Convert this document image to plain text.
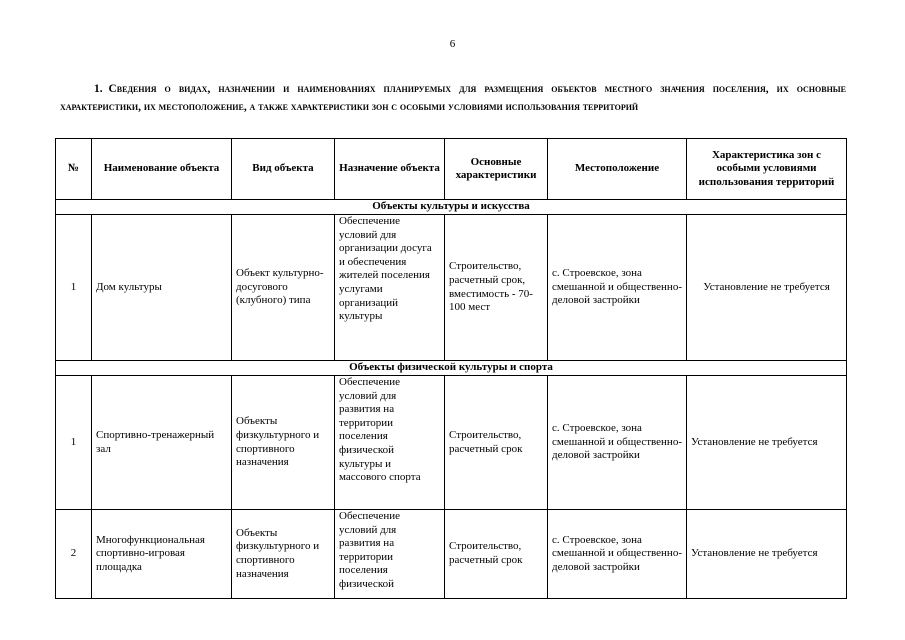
6
1. Сведения о видах, назначении и наименованиях планируемых для размещения объектов местного значения поселения, их основные характеристики, их местоположение, а также характеристики зон с особыми условиями использования территорий
№	Наименование объекта	Вид объекта	Назначение объекта	Основные характеристики	Местоположение	Характеристика зон с особыми условиями использования территорий
Объекты культуры и искусства						
1	Дом культуры	Объект культурно-досугового (клубного) типа	Обеспечение условий для организации досуга и обеспечения жителей поселения услугами организаций культуры	Строительство, расчетный срок, вместимость - 70-100 мест	с. Строевское, зона смешанной и общественно-деловой застройки	Установление не требуется
Объекты физической культуры и спорта						
1	Спортивно-тренажерный зал	Объекты физкультурного и спортивного назначения	Обеспечение условий для развития на территории поселения физической культуры и массового спорта	Строительство, расчетный срок	с. Строевское, зона смешанной и общественно-деловой застройки	Установление не требуется
2	Многофункциональная спортивно-игровая площадка	Объекты физкультурного и спортивного назначения	Обеспечение условий для развития на территории поселения физической	Строительство, расчетный срок	с. Строевское, зона смешанной и общественно-деловой застройки	Установление не требуется
